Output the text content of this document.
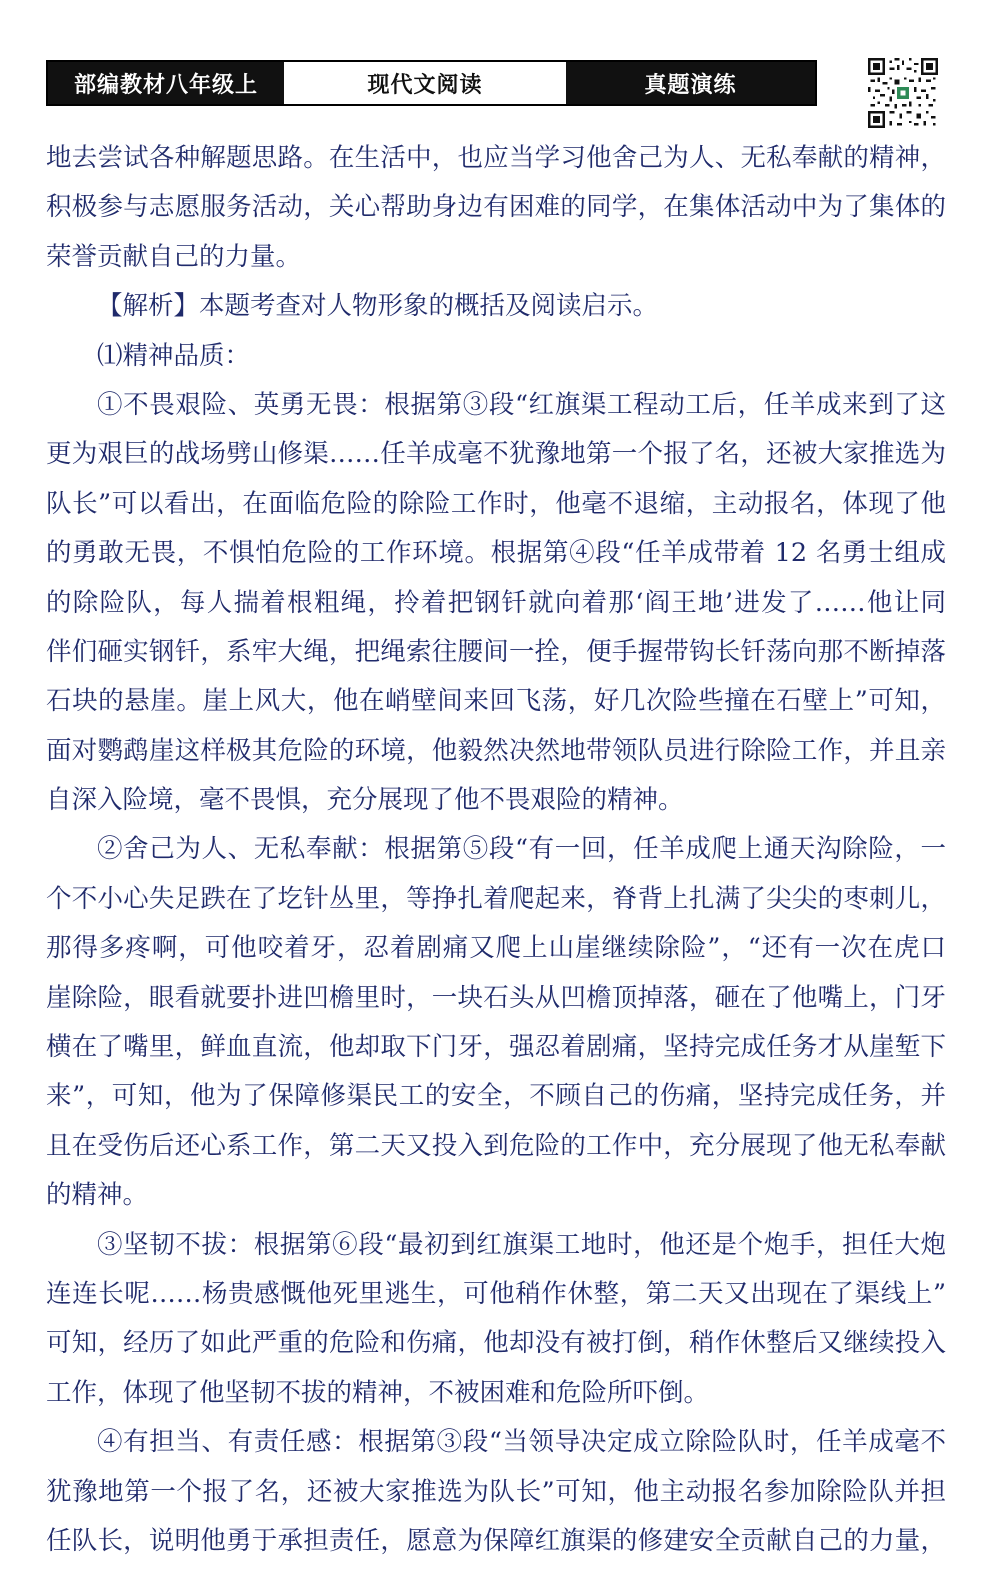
部编教材八年级上	现代文阅读	真题演练
地去尝试各种解题思路。在生活中，也应当学习他舍己为人、无私奉献的精神，
积极参与志愿服务活动，关心帮助身边有困难的同学，在集体活动中为了集体的
荣誉贡献自己的力量。
【解析】本题考查对人物形象的概括及阅读启示。
⑴精神品质：
①不畏艰险、英勇无畏：根据第③段“红旗渠工程动工后，任羊成来到了这
更为艰巨的战场劈山修渠……任羊成毫不犹豫地第一个报了名，还被大家推选为
队长”可以看出，在面临危险的除险工作时，他毫不退缩，主动报名，体现了他
的勇敢无畏，不惧怕危险的工作环境。根据第④段“任羊成带着 12 名勇士组成
的除险队，每人揣着根粗绳，拎着把钢钎就向着那‘阎王地’进发了……他让同
伴们砸实钢钎，系牢大绳，把绳索往腰间一拴，便手握带钩长钎荡向那不断掉落
石块的悬崖。崖上风大，他在峭壁间来回飞荡，好几次险些撞在石壁上”可知，
面对鹦鹉崖这样极其危险的环境，他毅然决然地带领队员进行除险工作，并且亲
自深入险境，毫不畏惧，充分展现了他不畏艰险的精神。
②舍己为人、无私奉献：根据第⑤段“有一回，任羊成爬上通天沟除险，一
个不小心失足跌在了圪针丛里，等挣扎着爬起来，脊背上扎满了尖尖的枣刺儿，
那得多疼啊，可他咬着牙，忍着剧痛又爬上山崖继续除险”，“还有一次在虎口
崖除险，眼看就要扑进凹檐里时，一块石头从凹檐顶掉落，砸在了他嘴上，门牙
横在了嘴里，鲜血直流，他却取下门牙，强忍着剧痛，坚持完成任务才从崖堑下
来”，可知，他为了保障修渠民工的安全，不顾自己的伤痛，坚持完成任务，并
且在受伤后还心系工作，第二天又投入到危险的工作中，充分展现了他无私奉献
的精神。
③坚韧不拔：根据第⑥段“最初到红旗渠工地时，他还是个炮手，担任大炮
连连长呢……杨贵感慨他死里逃生，可他稍作休整，第二天又出现在了渠线上”
可知，经历了如此严重的危险和伤痛，他却没有被打倒，稍作休整后又继续投入
工作，体现了他坚韧不拔的精神，不被困难和危险所吓倒。
④有担当、有责任感：根据第③段“当领导决定成立除险队时，任羊成毫不
犹豫地第一个报了名，还被大家推选为队长”可知，他主动报名参加除险队并担
任队长，说明他勇于承担责任，愿意为保障红旗渠的修建安全贡献自己的力量，
